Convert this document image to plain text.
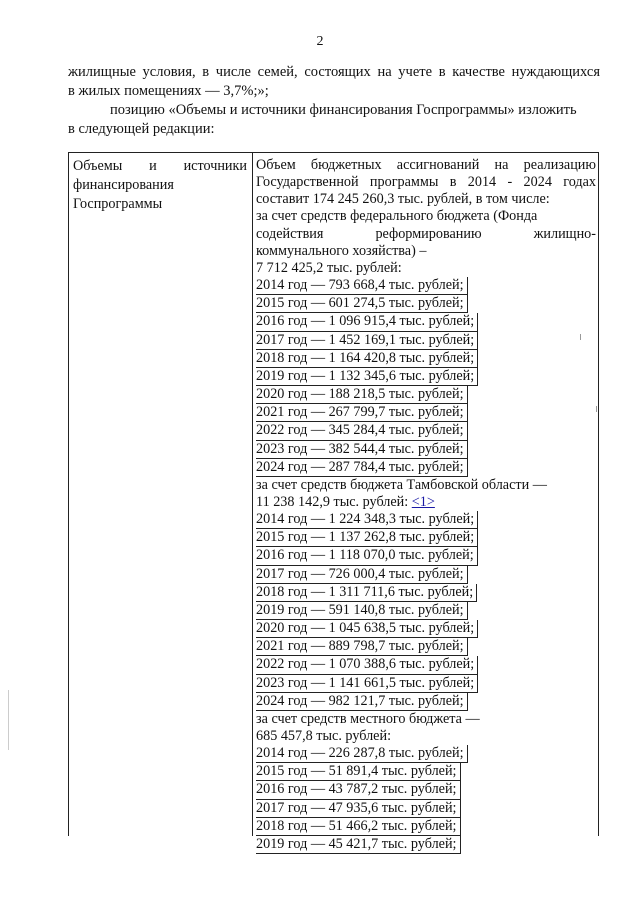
2

жилищные условия, в числе семей, состоящих на учете в качестве нуждающихся

в жилых помещениях — 3,7%;»;

позицию «Объемы и источники финансирования Госпрограммы» изложить

в следующей редакции:

Объемы и источники
финансирования
Госпрограммы
Объем бюджетных ассигнований на реализацию
Государственной программы в 2014 - 2024 годах
составит 174 245 260,3 тыс. рублей, в том числе:
за счет средств федерального бюджета (Фонда
содействия реформированию жилищно-
коммунального хозяйства) –
7 712 425,2 тыс. рублей:
2014 год — 793 668,4 тыс. рублей;
2015 год — 601 274,5 тыс. рублей;
2016 год — 1 096 915,4 тыс. рублей;
2017 год — 1 452 169,1 тыс. рублей;
2018 год — 1 164 420,8 тыс. рублей;
2019 год — 1 132 345,6 тыс. рублей;
2020 год — 188 218,5 тыс. рублей;
2021 год — 267 799,7 тыс. рублей;
2022 год — 345 284,4 тыс. рублей;
2023 год — 382 544,4 тыс. рублей;
2024 год — 287 784,4 тыс. рублей;
за счет средств бюджета Тамбовской области —
11 238 142,9 тыс. рублей: <1>
2014 год — 1 224 348,3 тыс. рублей;
2015 год — 1 137 262,8 тыс. рублей;
2016 год — 1 118 070,0 тыс. рублей;
2017 год — 726 000,4 тыс. рублей;
2018 год — 1 311 711,6 тыс. рублей;
2019 год — 591 140,8 тыс. рублей;
2020 год — 1 045 638,5 тыс. рублей;
2021 год — 889 798,7 тыс. рублей;
2022 год — 1 070 388,6 тыс. рублей;
2023 год — 1 141 661,5 тыс. рублей;
2024 год — 982 121,7 тыс. рублей;
за счет средств местного бюджета —
685 457,8 тыс. рублей:
2014 год — 226 287,8 тыс. рублей;
2015 год — 51 891,4 тыс. рублей;
2016 год — 43 787,2 тыс. рублей;
2017 год — 47 935,6 тыс. рублей;
2018 год — 51 466,2 тыс. рублей;
2019 год — 45 421,7 тыс. рублей;
